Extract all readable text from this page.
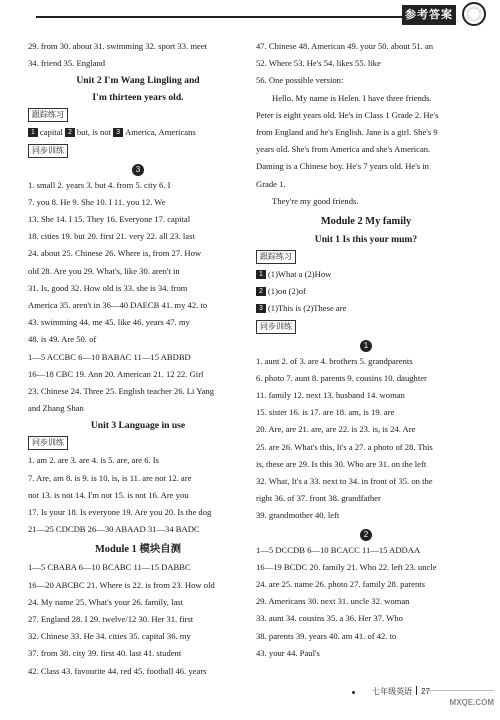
参考答案

29. from 30. about 31. swimming 32. sport 33. meet

34. friend 35. England

Unit 2 I'm Wang Lingling and

I'm thirteen years old.

跟踪练习

1 capital 2 but, is not 3 America, Americans

同步训练
3

1. small 2. years 3. but 4. from 5. city 6. I

7. you 8. He 9. She 10. I 11. you 12. We

13. She 14. I 15. They 16. Everyone 17. capital

18. cities 19. but 20. first 21. very 22. all 23. last

24. about 25. Chinese 26. Where is, from 27. How

old 28. Are you 29. What's, like 30. aren't in

31. Is, good 32. How old is 33. she is 34. from

America 35. aren't in 36—40 DAECB 41. my 42. to

43. swimming 44. me 45. like 46. years 47. my

48. is 49. Are 50. of

1—5 ACCBC 6—10 BABAC 11—15 ABDBD

16—18 CBC 19. Ann 20. American 21. 12 22. Girl

23. Chinese 24. Three 25. English teacher 26. Li Yang

and Zhang Shan

Unit 3 Language in use

同步训练

1. am 2. are 3. are 4. is 5. are, are 6. Is

7. Are, am 8. is 9. is 10. is, is 11. are not 12. are

not 13. is not 14. I'm not 15. is not 16. Are you

17. Is your 18. Is everyone 19. Are you 20. Is the dog

21—25 CDCDB 26—30 ABAAD 31—34 BADC

Module 1 模块自测

1—5 CBABA 6—10 BCABC 11—15 DABBC

16—20 ABCBC 21. Where is 22. is from 23. How old

24. My name 25. What's your 26. family, last

27. England 28. I 29. twelve/12 30. Her 31. first

32. Chinese 33. He 34. cities 35. capital 36. my

37. from 38. city 39. first 40. last 41. student

42. Class 43. favourite 44. red 45. football 46. years

47. Chinese 48. American 49. your 50. about 51. an

52. Where 53. He's 54. likes 55. like

56. One possible version:

Hello. My name is Helen. I have three friends.

Peter is eight years old. He's in Class 1 Grade 2. He's

from England and he's English. Jane is a girl. She's 9

years old. She's from America and she's American.

Daming is a Chinese boy. He's 7 years old. He's in

Grade 1.

They're my good friends.

Module 2 My family

Unit 1 Is this your mum?

跟踪练习

1 (1)What a (2)How

2 (1)on (2)of

3 (1)This is (2)These are

同步训练
1

1. aunt 2. of 3. are 4. brothers 5. grandparents

6. photo 7. aunt 8. parents 9. cousins 10. daughter

11. family 12. next 13. husband 14. woman

15. sister 16. is 17. are 18. am, is 19. are

20. Are, are 21. are, are 22. is 23. is, is 24. Are

25. are 26. What's this, It's a 27. a photo of 28. This

is, these are 29. Is this 30. Who are 31. on the left

32. What, It's a 33. next to 34. in front of 35. on the

right 36. of 37. front 38. grandfather

39. grandmother 40. left

2

1—5 DCCDB 6—10 BCACC 11—15 ADDAA

16—19 BCDC 20. family 21. Who 22. left 23. uncle

24. are 25. name 26. photo 27. family 28. parents

29. Americans 30. next 31. uncle 32. woman

33. aunt 34. cousins 35. a 36. Her 37. Who

38. parents 39. years 40. am 41. of 42. to

43. your 44. Paul's

七年级英语 27
MXQE.COM
